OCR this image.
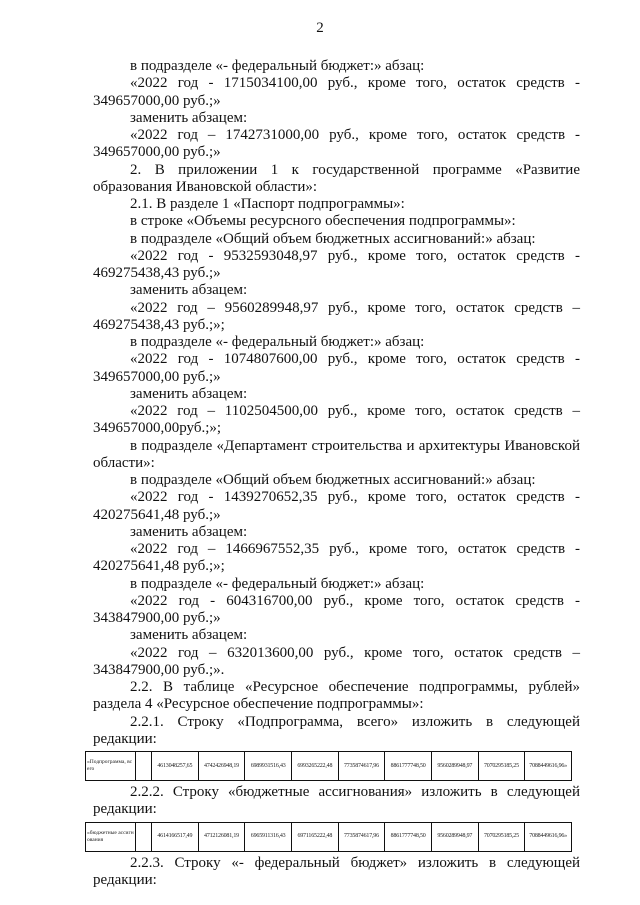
2

в подразделе «- федеральный бюджет:» абзац:

«2022 год - 1715034100,00 руб., кроме того, остаток средств - 349657000,00 руб.;»

заменить абзацем:

«2022 год – 1742731000,00 руб., кроме того, остаток средств - 349657000,00 руб.;»

2. В приложении 1 к государственной программе «Развитие образования Ивановской области»:

2.1. В разделе 1 «Паспорт подпрограммы»:

в строке «Объемы ресурсного обеспечения подпрограммы»:

в подразделе «Общий объем бюджетных ассигнований:» абзац:

«2022 год - 9532593048,97 руб., кроме того, остаток средств - 469275438,43 руб.;»

заменить абзацем:

«2022 год – 9560289948,97 руб., кроме того, остаток средств – 469275438,43 руб.;»;

в подразделе «- федеральный бюджет:» абзац:

«2022 год - 1074807600,00 руб., кроме того, остаток средств - 349657000,00 руб.;»

заменить абзацем:

«2022 год – 1102504500,00 руб., кроме того, остаток средств – 349657000,00руб.;»;

в подразделе «Департамент строительства и архитектуры Ивановской области»:

в подразделе «Общий объем бюджетных ассигнований:» абзац:

«2022 год - 1439270652,35 руб., кроме того, остаток средств - 420275641,48 руб.;»

заменить абзацем:

«2022 год – 1466967552,35 руб., кроме того, остаток средств - 420275641,48 руб.;»;

в подразделе «- федеральный бюджет:» абзац:

«2022 год - 604316700,00 руб., кроме того, остаток средств - 343847900,00 руб.;»

заменить абзацем:

«2022 год – 632013600,00 руб., кроме того, остаток средств – 343847900,00 руб.;».

2.2. В таблице «Ресурсное обеспечение подпрограммы, рублей» раздела 4 «Ресурсное обеспечение подпрограммы»:

2.2.1. Строку «Подпрограмма, всего» изложить в следующей редакции:

«Подпрограмма, всего		4613048257,65	4742426948,19	6989931516,43	6993265222,48	7735874617,96	8861777748,50	9560289948,97	7070295185,25	7088449616,96»

2.2.2. Строку «бюджетные ассигнования» изложить в следующей редакции:

«бюджетные ассигнования		4614166517,49	4712126081,19	6965911316,43	6971165222,48	7735874617,96	8861777748,50	9560289948,97	7070295185,25	7088449616,96»

2.2.3. Строку «- федеральный бюджет» изложить в следующей редакции:
